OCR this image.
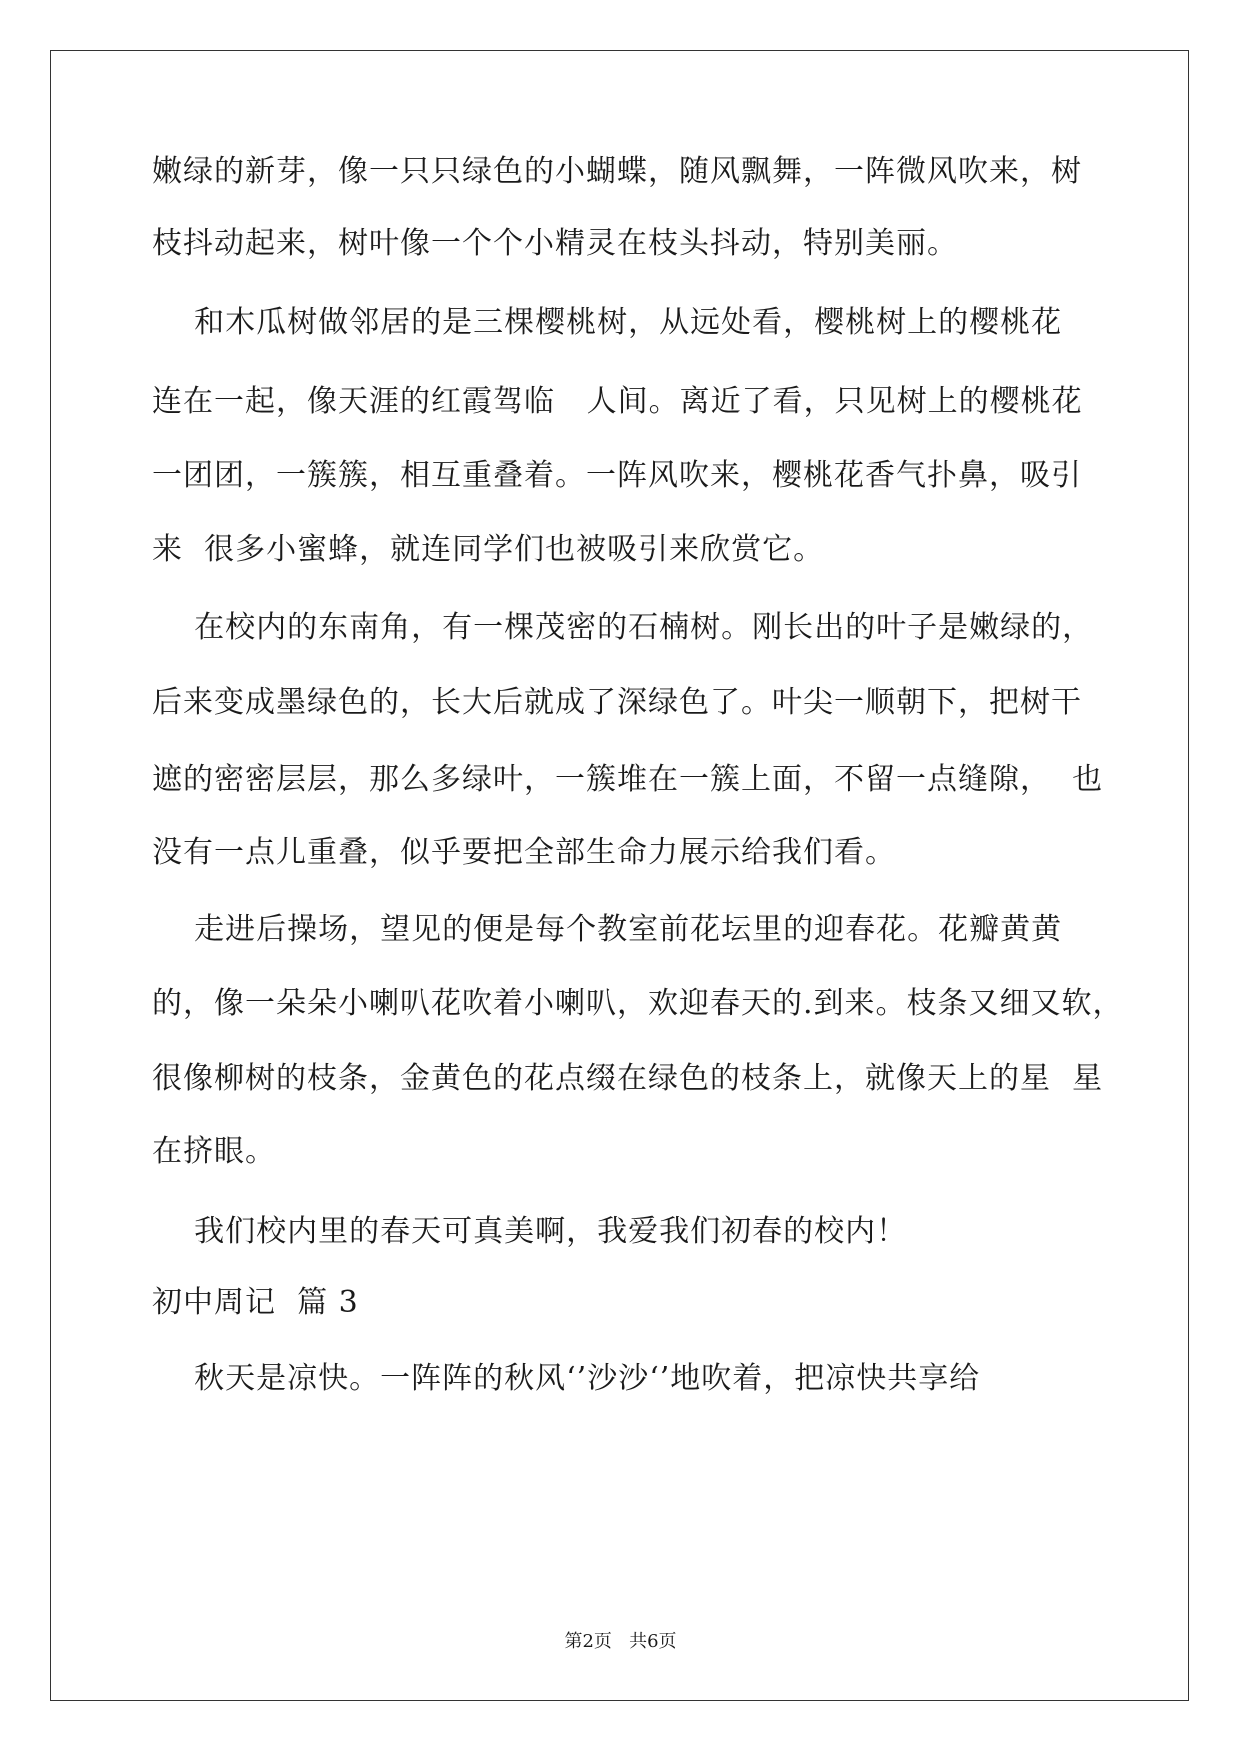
嫩绿的新芽，像一只只绿色的小蝴蝶，随风飘舞，一阵微风吹来，树
枝抖动起来，树叶像一个个小精灵在枝头抖动，特别美丽。
和木瓜树做邻居的是三棵樱桃树，从远处看，樱桃树上的樱桃花
连在一起，像天涯的红霞驾临   人间。离近了看，只见树上的樱桃花
一团团，一簇簇，相互重叠着。一阵风吹来，樱桃花香气扑鼻，吸引
来  很多小蜜蜂，就连同学们也被吸引来欣赏它。
在校内的东南角，有一棵茂密的石楠树。刚长出的叶子是嫩绿的，
后来变成墨绿色的，长大后就成了深绿色了。叶尖一顺朝下，把树干
遮的密密层层，那么多绿叶，一簇堆在一簇上面，不留一点缝隙，  也
没有一点儿重叠，似乎要把全部生命力展示给我们看。
走进后操场，望见的便是每个教室前花坛里的迎春花。花瓣黄黄
的，像一朵朵小喇叭花吹着小喇叭，欢迎春天的.到来。枝条又细又软，
很像柳树的枝条，金黄色的花点缀在绿色的枝条上，就像天上的星  星
在挤眼。
我们校内里的春天可真美啊，我爱我们初春的校内！
初中周记  篇 3
秋天是凉快。一阵阵的秋风‘’沙沙‘’地吹着，把凉快共享给
第2页   共6页
